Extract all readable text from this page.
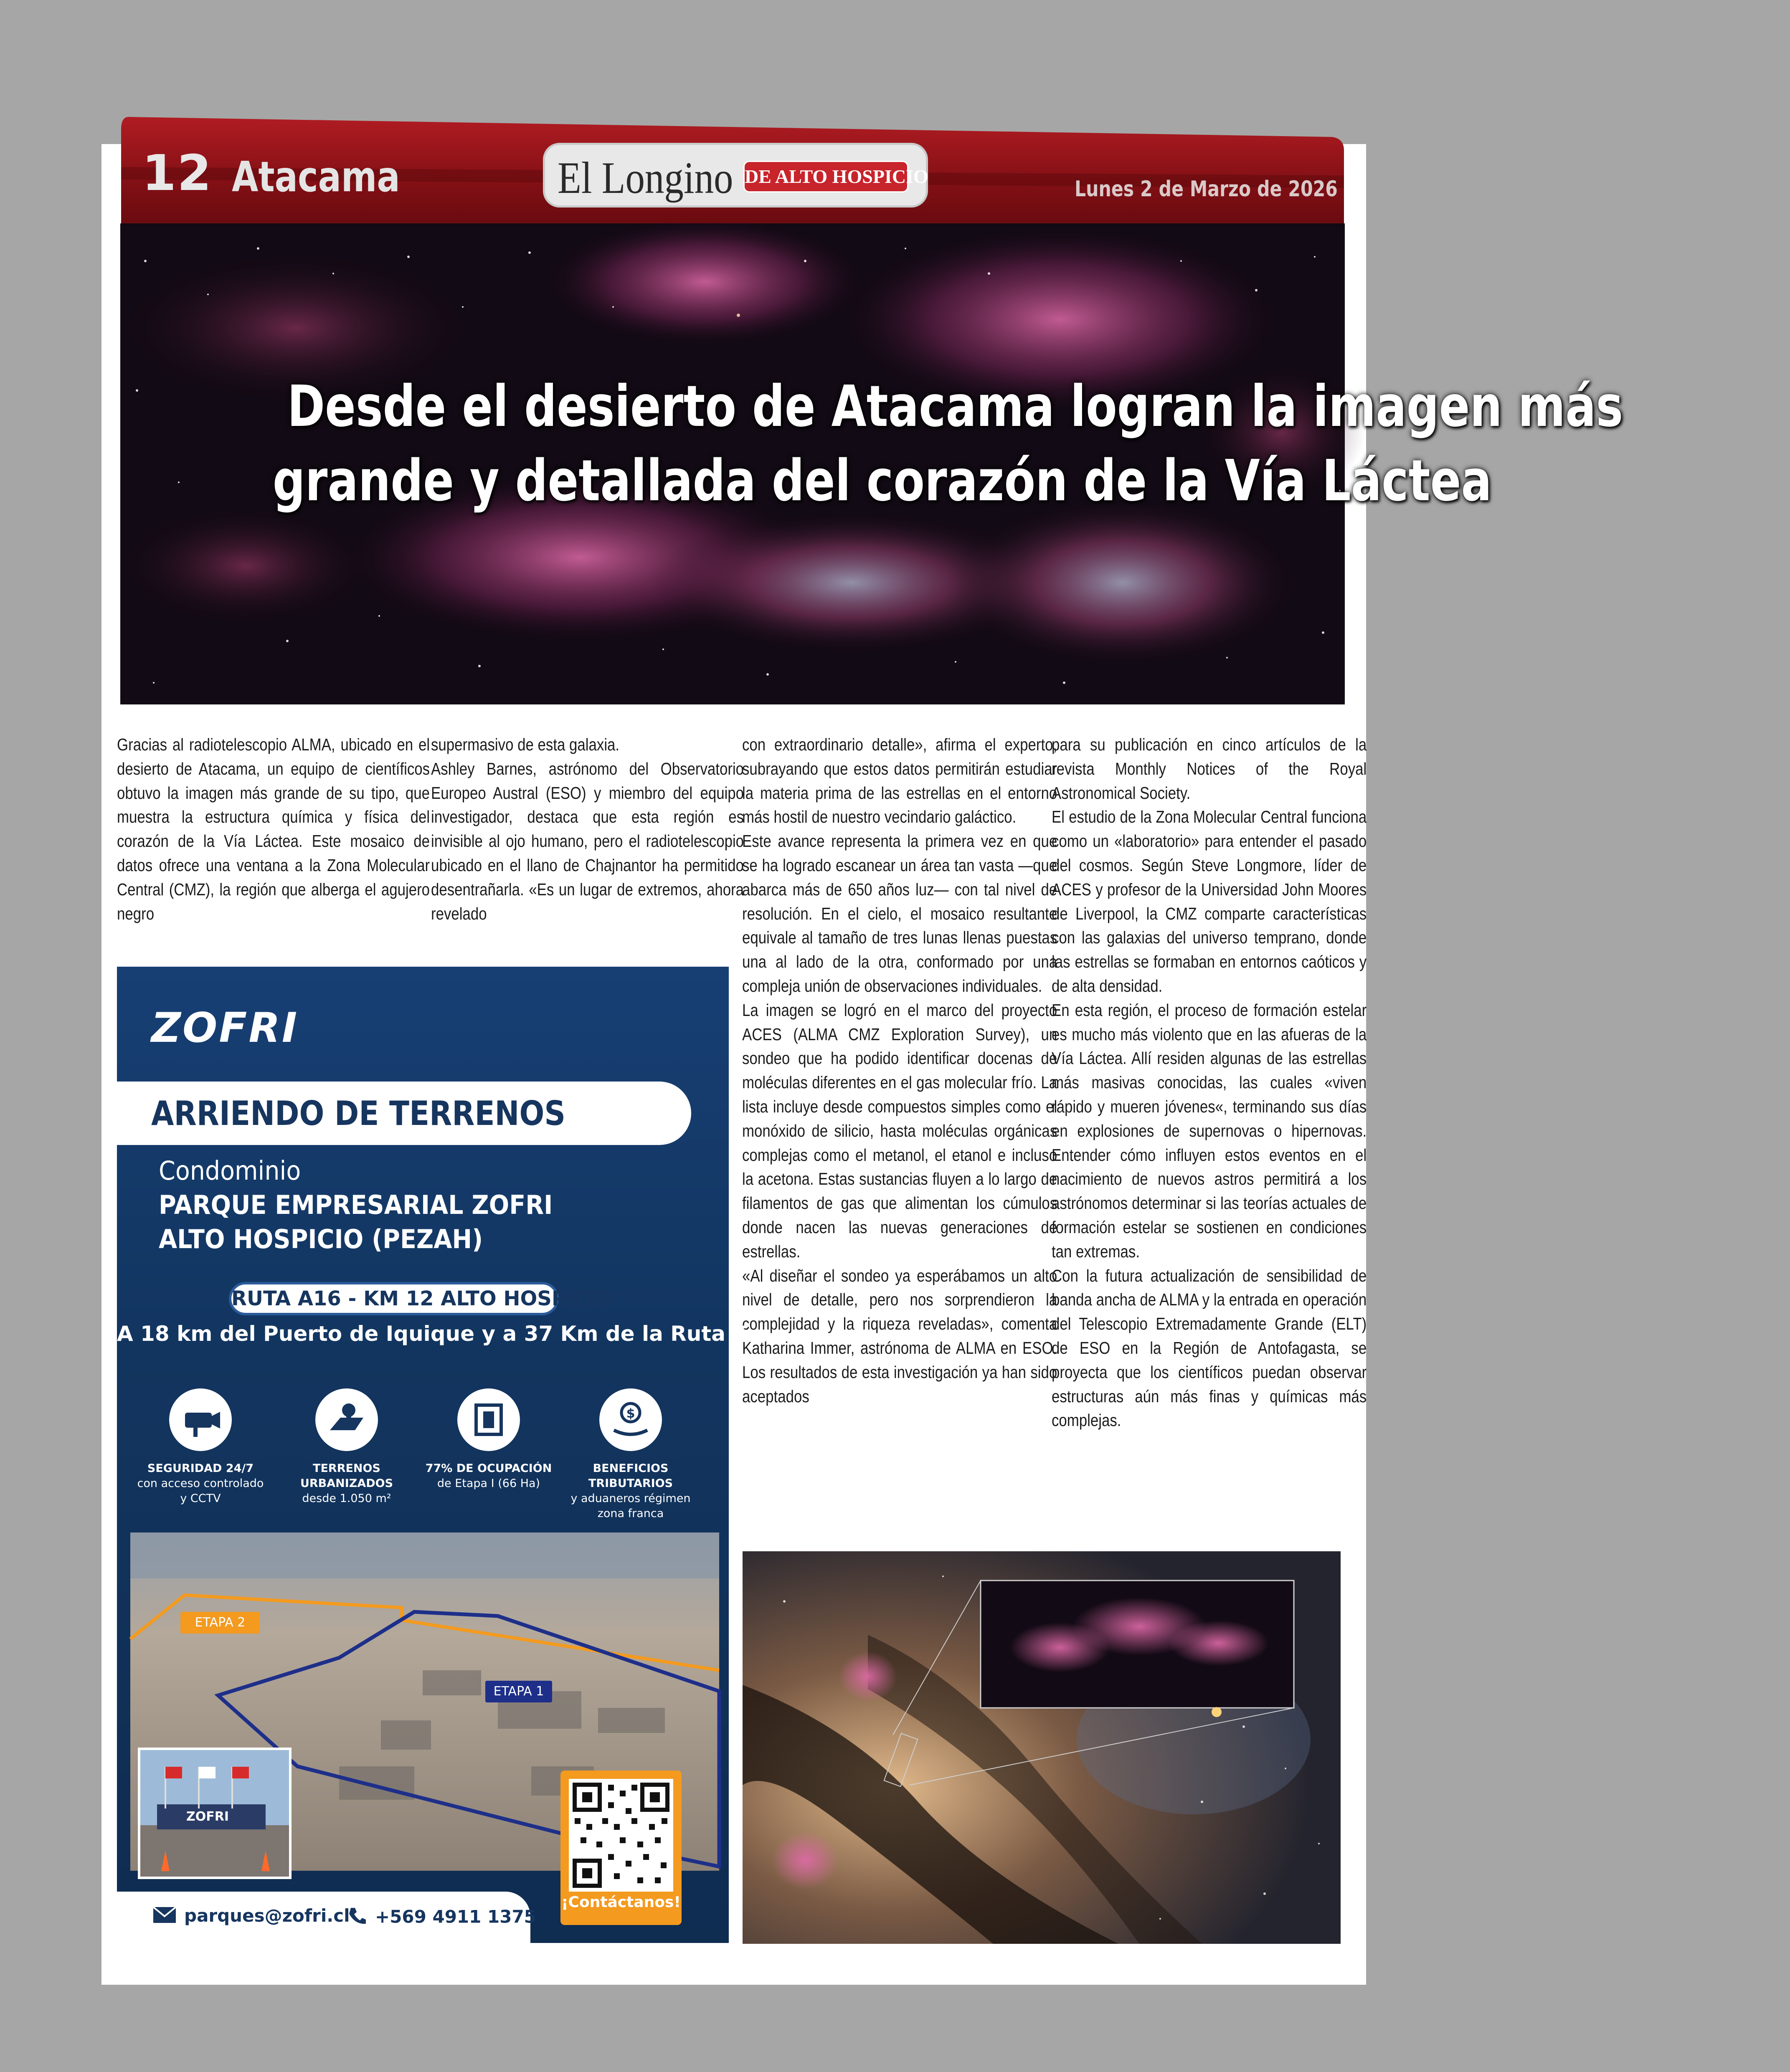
12 Atacama	El Longino DE ALTO HOSPICIO
Lunes 2 de Marzo de 2026
Desde el desierto de Atacama logran la imagen más
grande y detallada del corazón de la Vía Láctea

Gracias al radiotelescopio ALMA, ubicado en el desierto de Atacama, un equipo de científicos obtuvo la imagen más grande de su tipo, que muestra la estructura química y física del corazón de la Vía Láctea. Este mosaico de datos ofrece una ventana a la Zona Molecular Central (CMZ), la región que alberga el agujero negro

supermasivo de esta galaxia.

Ashley Barnes, astrónomo del Observatorio Europeo Austral (ESO) y miembro del equipo investigador, destaca que esta región es invisible al ojo humano, pero el radiotelescopio ubicado en el llano de Chajnantor ha permitido desentrañarla. «Es un lugar de extremos, ahora revelado

con extraordinario detalle», afirma el experto, subrayando que estos datos permitirán estudiar la materia prima de las estrellas en el entorno más hostil de nuestro vecindario galáctico.

Este avance representa la primera vez en que se ha logrado escanear un área tan vasta —que abarca más de 650 años luz— con tal nivel de resolución. En el cielo, el mosaico resultante equivale al tamaño de tres lunas llenas puestas una al lado de la otra, conformado por una compleja unión de observaciones individuales.

La imagen se logró en el marco del proyecto ACES (ALMA CMZ Exploration Survey), un sondeo que ha podido identificar docenas de moléculas diferentes en el gas molecular frío. La lista incluye desde compuestos simples como el monóxido de silicio, hasta moléculas orgánicas complejas como el metanol, el etanol e incluso la acetona. Estas sustancias fluyen a lo largo de filamentos de gas que alimentan los cúmulos donde nacen las nuevas generaciones de estrellas.

«Al diseñar el sondeo ya esperábamos un alto nivel de detalle, pero nos sorprendieron la complejidad y la riqueza reveladas», comenta Katharina Immer, astrónoma de ALMA en ESO. Los resultados de esta investigación ya han sido aceptados

para su publicación en cinco artículos de la revista Monthly Notices of the Royal Astronomical Society.

El estudio de la Zona Molecular Central funciona como un «laboratorio» para entender el pasado del cosmos. Según Steve Longmore, líder de ACES y profesor de la Universidad John Moores de Liverpool, la CMZ comparte características con las galaxias del universo temprano, donde las estrellas se formaban en entornos caóticos y de alta densidad.

En esta región, el proceso de formación estelar es mucho más violento que en las afueras de la Vía Láctea. Allí residen algunas de las estrellas más masivas conocidas, las cuales «viven rápido y mueren jóvenes«, terminando sus días en explosiones de supernovas o hipernovas. Entender cómo influyen estos eventos en el nacimiento de nuevos astros permitirá a los astrónomos determinar si las teorías actuales de formación estelar se sostienen en condiciones tan extremas.

Con la futura actualización de sensibilidad de banda ancha de ALMA y la entrada en operación del Telescopio Extremadamente Grande (ELT) de ESO en la Región de Antofagasta, se proyecta que los científicos puedan observar estructuras aún más finas y químicas más complejas.

ZOFRI
ARRIENDO DE TERRENOS
Condominio
PARQUE EMPRESARIAL ZOFRI
ALTO HOSPICIO (PEZAH)
RUTA A16 - KM 12 ALTO HOSPICIO
A 18 km del Puerto de Iquique y a 37 Km de la Ruta 5
SEGURIDAD 24/7
con acceso controlado
y CCTV
TERRENOS URBANIZADOS
desde 1.050 m²
77% DE OCUPACIÓN
de Etapa I (66 Ha)
$
BENEFICIOS TRIBUTARIOS
y aduaneros régimen
zona franca
ETAPA 2
ETAPA 1
ZOFRI
¡Contáctanos!
parques@zofri.cl	+569 4911 1375
